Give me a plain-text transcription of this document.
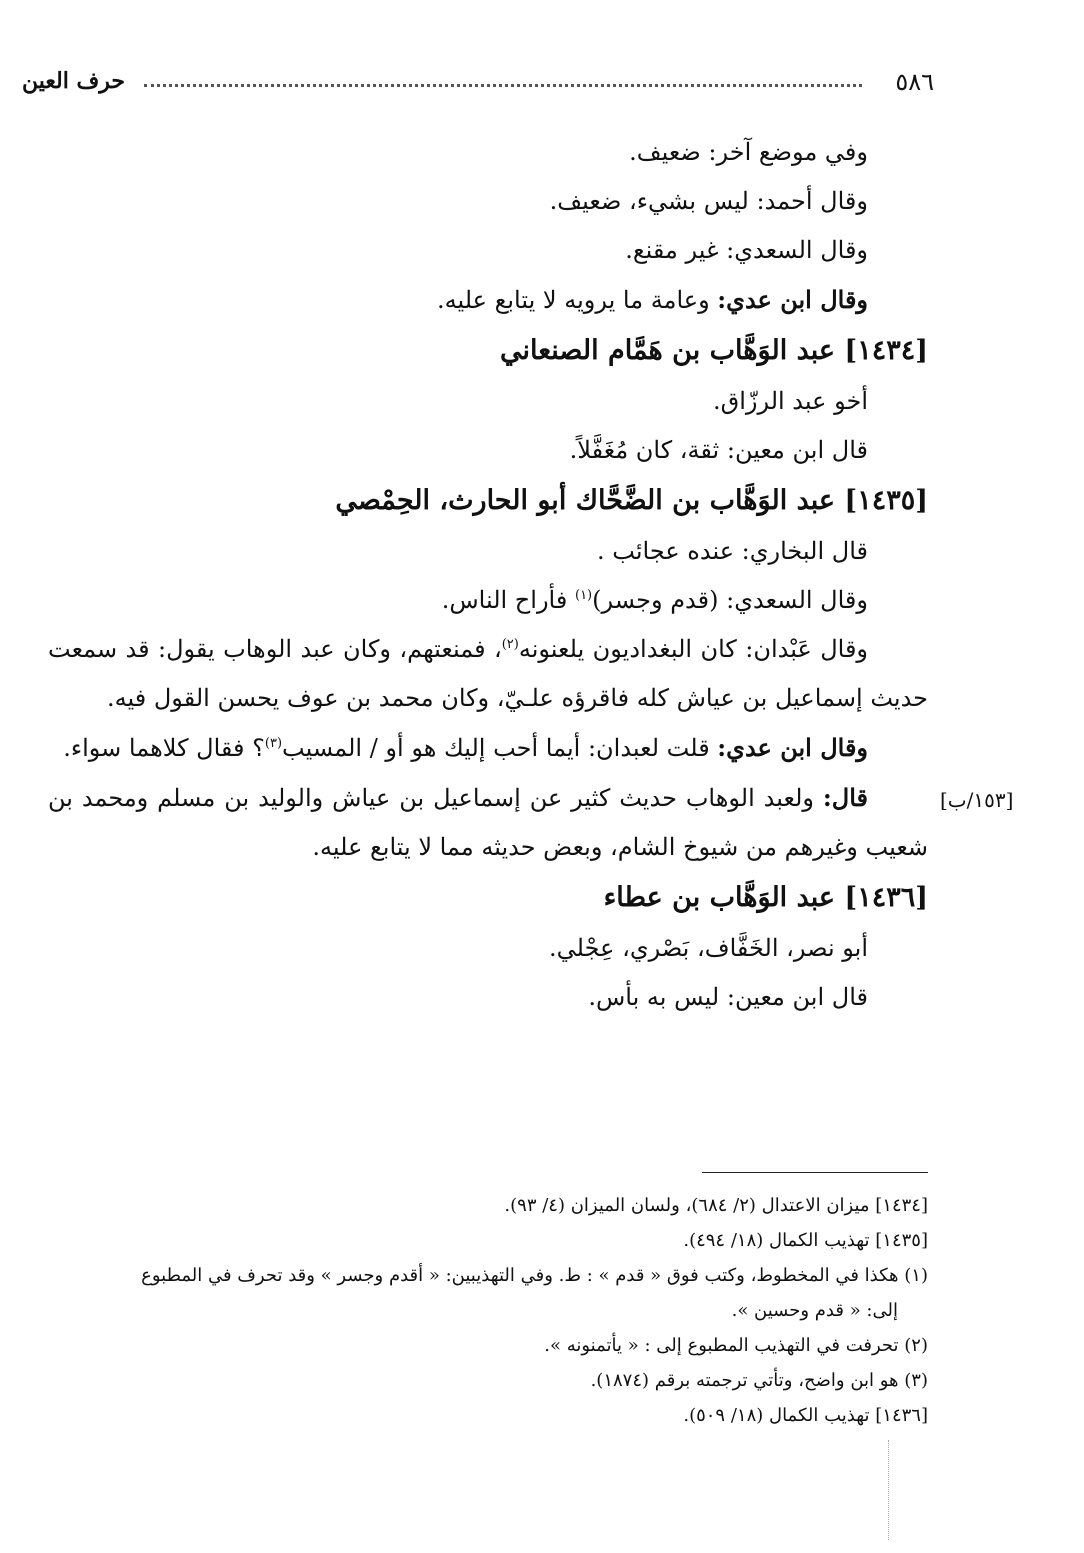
حرف العين	٥٨٦
[١٥٣/ب]
وفي موضع آخر: ضعيف.
وقال أحمد: ليس بشيء، ضعيف.
وقال السعدي: غير مقنع.
وقال ابن عدي: وعامة ما يرويه لا يتابع عليه.
[١٤٣٤] عبد الوَهَّاب بن هَمَّام الصنعاني
أخو عبد الرزّاق.
قال ابن معين: ثقة، كان مُغَفَّلاً.
[١٤٣٥] عبد الوَهَّاب بن الضَّحَّاك أبو الحارث، الحِمْصي
قال البخاري: عنده عجائب .
وقال السعدي: (قدم وجسر)$^{(١)}$ فأراح الناس.
وقال عَبْدان: كان البغداديون يلعنونه$^{(٢)}$، فمنعتهم، وكان عبد الوهاب يقول: قد سمعت حديث إسماعيل بن عياش كله فاقرؤه علـيّ، وكان محمد بن عوف يحسن القول فيه.
وقال ابن عدي: قلت لعبدان: أيما أحب إليك هو أو / المسيب$^{(٣)}$؟ فقال كلاهما سواء.
قال: ولعبد الوهاب حديث كثير عن إسماعيل بن عياش والوليد بن مسلم ومحمد بن شعيب وغيرهم من شيوخ الشام، وبعض حديثه مما لا يتابع عليه.
[١٤٣٦] عبد الوَهَّاب بن عطاء
أبو نصر، الخَفَّاف، بَصْري، عِجْلي.
قال ابن معين: ليس به بأس.
[١٤٣٤] ميزان الاعتدال (٢/ ٦٨٤)، ولسان الميزان (٤/ ٩٣).
[١٤٣٥] تهذيب الكمال (١٨/ ٤٩٤).
(١) هكذا في المخطوط، وكتب فوق « قدم » : ط. وفي التهذيبين: « أقدم وجسر » وقد تحرف في المطبوع
إلى: « قدم وحسين ».
(٢) تحرفت في التهذيب المطبوع إلى : « يأتمنونه ».
(٣) هو ابن واضح، وتأتي ترجمته برقم (١٨٧٤).
[١٤٣٦] تهذيب الكمال (١٨/ ٥٠٩).
